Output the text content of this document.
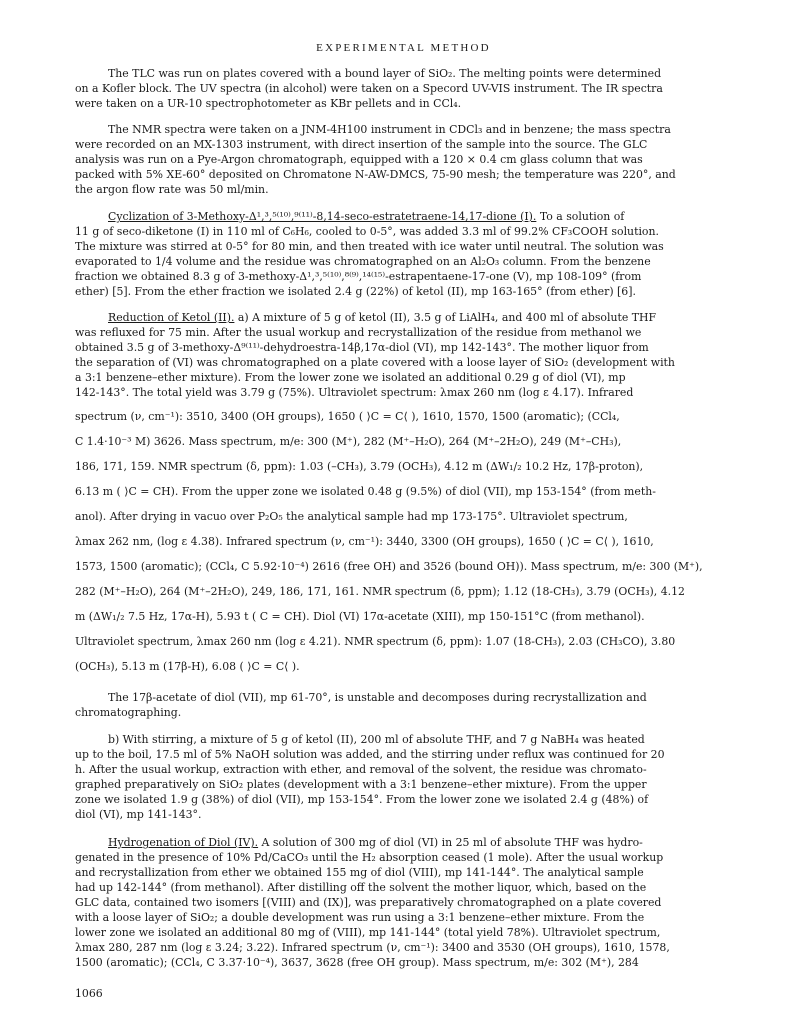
EXPERIMENTAL METHOD
The TLC was run on plates covered with a bound layer of SiO₂. The melting points were determined
on a Kofler block. The UV spectra (in alcohol) were taken on a Specord UV-VIS instrument. The IR spectra
were taken on a UR-10 spectrophotometer as KBr pellets and in CCl₄.
The NMR spectra were taken on a JNM-4H100 instrument in CDCl₃ and in benzene; the mass spectra
were recorded on an MX-1303 instrument, with direct insertion of the sample into the source. The GLC
analysis was run on a Pye-Argon chromatograph, equipped with a 120 × 0.4 cm glass column that was
packed with 5% XE-60° deposited on Chromatone N-AW-DMCS, 75-90 mesh; the temperature was 220°, and
the argon flow rate was 50 ml/min.
Cyclization of 3-Methoxy-Δ¹,³,⁵⁽¹⁰⁾,⁹⁽¹¹⁾-8,14-seco-estratetraene-14,17-dione (I). To a solution of
11 g of seco-diketone (I) in 110 ml of C₆H₆, cooled to 0-5°, was added 3.3 ml of 99.2% CF₃COOH solution.
The mixture was stirred at 0-5° for 80 min, and then treated with ice water until neutral. The solution was
evaporated to 1/4 volume and the residue was chromatographed on an Al₂O₃ column. From the benzene
fraction we obtained 8.3 g of 3-methoxy-Δ¹,³,⁵⁽¹⁰⁾,⁸⁽⁹⁾,¹⁴⁽¹⁵⁾-estrapentaene-17-one (V), mp 108-109° (from
ether) [5]. From the ether fraction we isolated 2.4 g (22%) of ketol (II), mp 163-165° (from ether) [6].
Reduction of Ketol (II). a) A mixture of 5 g of ketol (II), 3.5 g of LiAlH₄, and 400 ml of absolute THF
was refluxed for 75 min. After the usual workup and recrystallization of the residue from methanol we
obtained 3.5 g of 3-methoxy-Δ⁹⁽¹¹⁾-dehydroestra-14β,17α-diol (VI), mp 142-143°. The mother liquor from
the separation of (VI) was chromatographed on a plate covered with a loose layer of SiO₂ (development with
a 3:1 benzene–ether mixture). From the lower zone we isolated an additional 0.29 g of diol (VI), mp
142-143°. The total yield was 3.79 g (75%). Ultraviolet spectrum: λmax 260 nm (log ε 4.17). Infrared
spectrum (ν, cm⁻¹): 3510, 3400 (OH groups), 1650 ( ⟩C = C⟨ ), 1610, 1570, 1500 (aromatic); (CCl₄,
C 1.4·10⁻³ M) 3626. Mass spectrum, m/e: 300 (M⁺), 282 (M⁺–H₂O), 264 (M⁺–2H₂O), 249 (M⁺–CH₃),
186, 171, 159. NMR spectrum (δ, ppm): 1.03 (–CH₃), 3.79 (OCH₃), 4.12 m (ΔW₁/₂ 10.2 Hz, 17β-proton),
6.13 m ( ⟩C = CH). From the upper zone we isolated 0.48 g (9.5%) of diol (VII), mp 153-154° (from meth-
anol). After drying in vacuo over P₂O₅ the analytical sample had mp 173-175°. Ultraviolet spectrum,
λmax 262 nm, (log ε 4.38). Infrared spectrum (ν, cm⁻¹): 3440, 3300 (OH groups), 1650 ( ⟩C = C⟨ ), 1610,
1573, 1500 (aromatic); (CCl₄, C 5.92·10⁻⁴) 2616 (free OH) and 3526 (bound OH)). Mass spectrum, m/e: 300 (M⁺),
282 (M⁺–H₂O), 264 (M⁺–2H₂O), 249, 186, 171, 161. NMR spectrum (δ, ppm); 1.12 (18-CH₃), 3.79 (OCH₃), 4.12
m (ΔW₁/₂ 7.5 Hz, 17α-H), 5.93 t ( C = CH). Diol (VI) 17α-acetate (XIII), mp 150-151°C (from methanol).
Ultraviolet spectrum, λmax 260 nm (log ε 4.21). NMR spectrum (δ, ppm): 1.07 (18-CH₃), 2.03 (CH₃CO), 3.80
(OCH₃), 5.13 m (17β-H), 6.08 ( ⟩C = C⟨ ).
The 17β-acetate of diol (VII), mp 61-70°, is unstable and decomposes during recrystallization and
chromatographing.
b) With stirring, a mixture of 5 g of ketol (II), 200 ml of absolute THF, and 7 g NaBH₄ was heated
up to the boil, 17.5 ml of 5% NaOH solution was added, and the stirring under reflux was continued for 20
h. After the usual workup, extraction with ether, and removal of the solvent, the residue was chromato-
graphed preparatively on SiO₂ plates (development with a 3:1 benzene–ether mixture). From the upper
zone we isolated 1.9 g (38%) of diol (VII), mp 153-154°. From the lower zone we isolated 2.4 g (48%) of
diol (VI), mp 141-143°.
Hydrogenation of Diol (IV). A solution of 300 mg of diol (VI) in 25 ml of absolute THF was hydro-
genated in the presence of 10% Pd/CaCO₃ until the H₂ absorption ceased (1 mole). After the usual workup
and recrystallization from ether we obtained 155 mg of diol (VIII), mp 141-144°. The analytical sample
had up 142-144° (from methanol). After distilling off the solvent the mother liquor, which, based on the
GLC data, contained two isomers [(VIII) and (IX)], was preparatively chromatographed on a plate covered
with a loose layer of SiO₂; a double development was run using a 3:1 benzene–ether mixture. From the
lower zone we isolated an additional 80 mg of (VIII), mp 141-144° (total yield 78%). Ultraviolet spectrum,
λmax 280, 287 nm (log ε 3.24; 3.22). Infrared spectrum (ν, cm⁻¹): 3400 and 3530 (OH groups), 1610, 1578,
1500 (aromatic); (CCl₄, C 3.37·10⁻⁴), 3637, 3628 (free OH group). Mass spectrum, m/e: 302 (M⁺), 284
1066
